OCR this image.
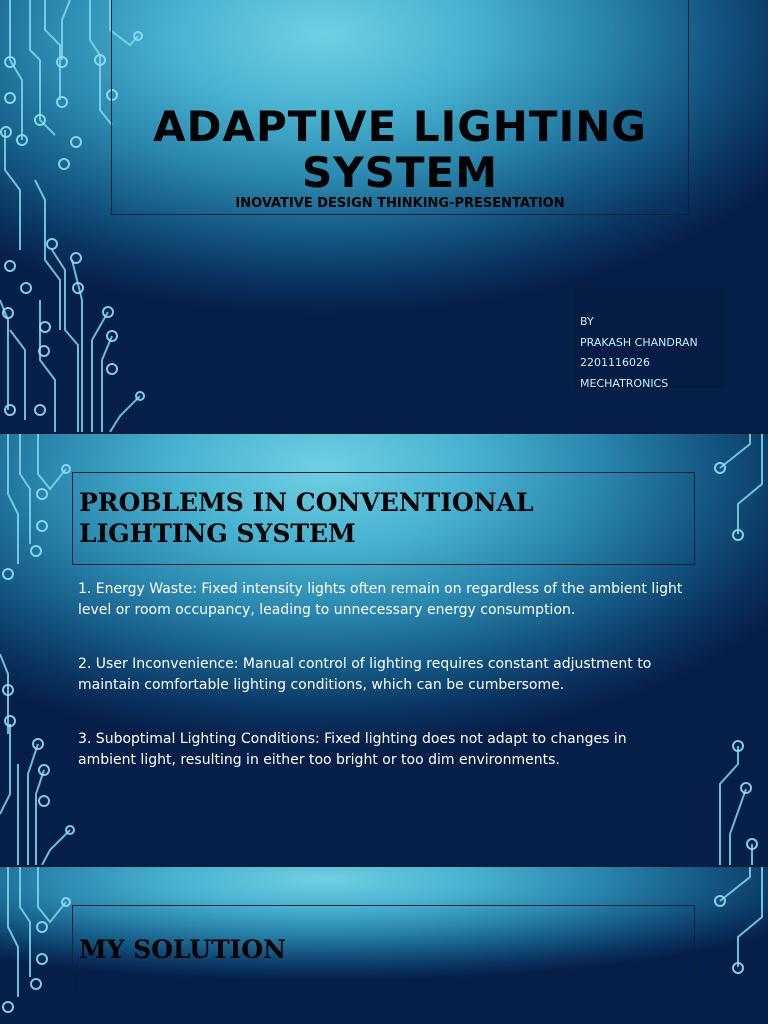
ADAPTIVE LIGHTING SYSTEM
INOVATIVE DESIGN THINKING-PRESENTATION
BY
PRAKASH CHANDRAN
2201116026
MECHATRONICS
PROBLEMS IN CONVENTIONAL LIGHTING SYSTEM
1. Energy Waste: Fixed intensity lights often remain on regardless of the ambient light level or room occupancy, leading to unnecessary energy consumption.
2. User Inconvenience: Manual control of lighting requires constant adjustment to maintain comfortable lighting conditions, which can be cumbersome.
3. Suboptimal Lighting Conditions: Fixed lighting does not adapt to changes in ambient light, resulting in either too bright or too dim environments.
MY SOLUTION
